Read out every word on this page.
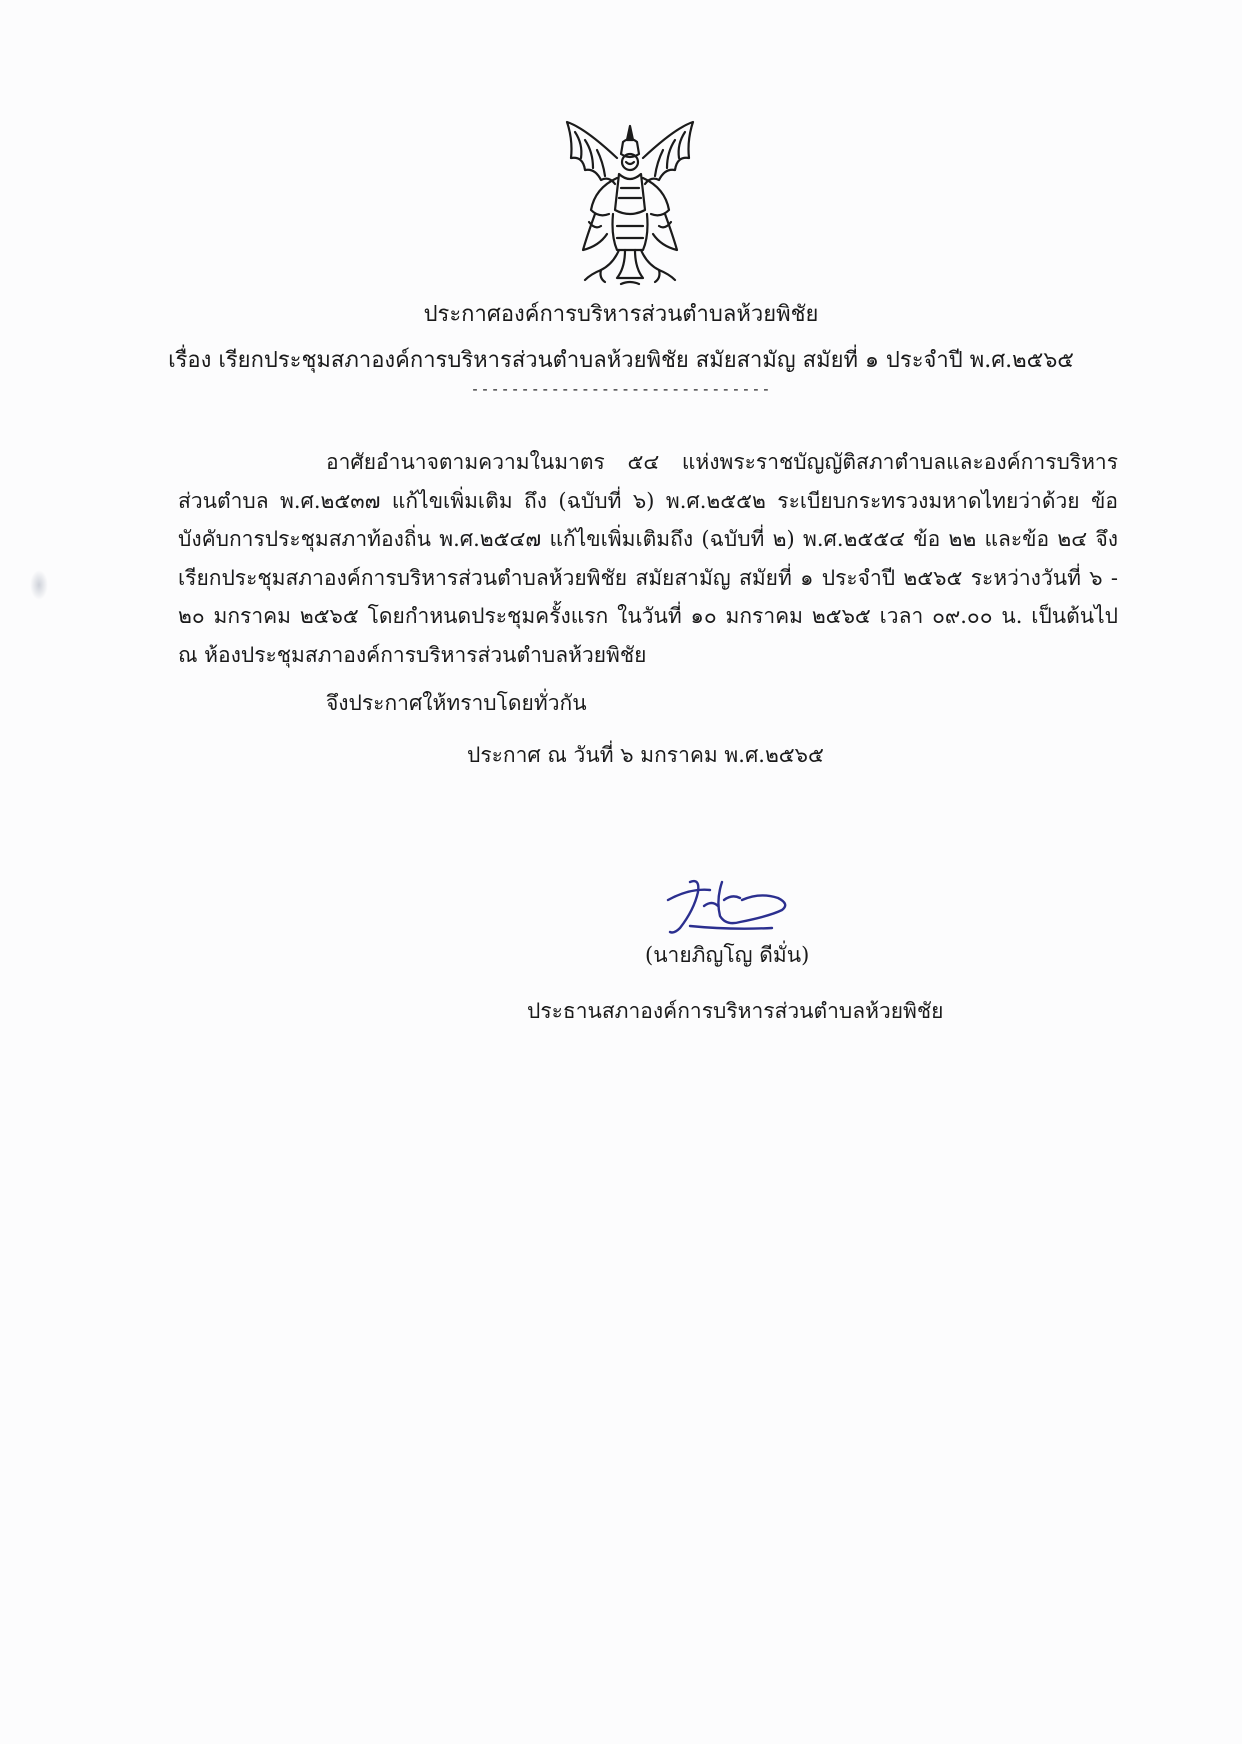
ประกาศองค์การบริหารส่วนตำบลห้วยพิชัย
เรื่อง เรียกประชุมสภาองค์การบริหารส่วนตำบลห้วยพิชัย สมัยสามัญ สมัยที่ ๑ ประจำปี พ.ศ.๒๕๖๕
------------------------------
อาศัยอำนาจตามความในมาตร ๕๔ แห่งพระราชบัญญัติสภาตำบลและองค์การบริหารส่วนตำบล พ.ศ.๒๕๓๗ แก้ไขเพิ่มเติม ถึง (ฉบับที่ ๖) พ.ศ.๒๕๕๒ ระเบียบกระทรวงมหาดไทยว่าด้วย ข้อบังคับการประชุมสภาท้องถิ่น พ.ศ.๒๕๔๗ แก้ไขเพิ่มเติมถึง (ฉบับที่ ๒) พ.ศ.๒๕๕๔ ข้อ ๒๒ และข้อ ๒๔ จึงเรียกประชุมสภาองค์การบริหารส่วนตำบลห้วยพิชัย สมัยสามัญ สมัยที่ ๑ ประจำปี ๒๕๖๕ ระหว่างวันที่ ๖ - ๒๐ มกราคม ๒๕๖๕ โดยกำหนดประชุมครั้งแรก ในวันที่ ๑๐ มกราคม ๒๕๖๕ เวลา ๐๙.๐๐ น. เป็นต้นไป ณ ห้องประชุมสภาองค์การบริหารส่วนตำบลห้วยพิชัย
จึงประกาศให้ทราบโดยทั่วกัน
ประกาศ ณ วันที่ ๖ มกราคม พ.ศ.๒๕๖๕
(นายภิญโญ ดีมั่น)
ประธานสภาองค์การบริหารส่วนตำบลห้วยพิชัย
